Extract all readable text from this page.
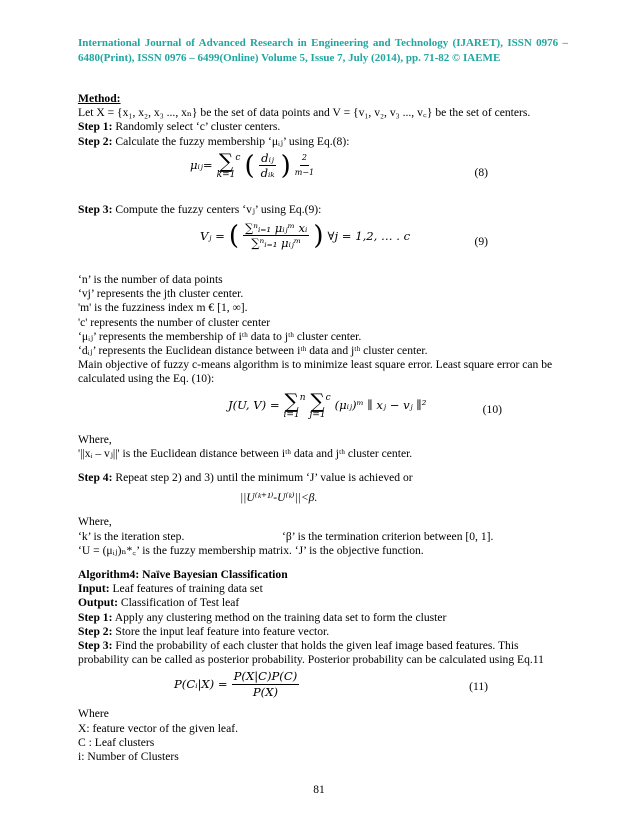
International Journal of Advanced Research in Engineering and Technology (IJARET), ISSN 0976 – 6480(Print), ISSN 0976 – 6499(Online) Volume 5, Issue 7, July (2014), pp. 71-82 © IAEME

Method:

Let X = {x₁, x₂, x₃ ..., xₙ} be the set of data points and V = {v₁, v₂, v₃ ..., v꜀} be the set of centers.

Step 1: Randomly select ‘c’ cluster centers.

Step 2: Calculate the fuzzy membership ‘μᵢⱼ’ using Eq.(8):

μᵢⱼ= ∑
k=1
c ( $\frac{\text{dᵢⱼ}}{\text{dᵢₖ}}$ ) $\frac{2}{m-1}$	(8)

Step 3: Compute the fuzzy centers ‘vⱼ’ using Eq.(9):

Vⱼ = ( $\frac{\text{∑ⁿᵢ₌₁ μᵢⱼᵐ xᵢ}}{\text{∑ⁿᵢ₌₁ μᵢⱼᵐ}}$ ) ∀j = 1,2, … . c	(9)

‘n’ is the number of data points

‘vj’ represents the jth cluster center.

'm' is the fuzziness index m € [1, ∞].

'c' represents the number of cluster center

‘μᵢⱼ’ represents the membership of iᵗʰ data to jᵗʰ cluster center.

‘dᵢⱼ’ represents the Euclidean distance between iᵗʰ data and jᵗʰ cluster center.

Main objective of fuzzy c-means algorithm is to minimize least square error. Least square error can be calculated using the Eq. (10):

J(U, V) = ∑
i=1
n ∑
j=1
c
(μᵢⱼ)ᵐ ∥ xⱼ − vⱼ ∥²	(10)

Where,

'||xᵢ – vⱼ||' is the Euclidean distance between iᵗʰ data and jᵗʰ cluster center.

Step 4: Repeat step 2) and 3) until the minimum ‘J’ value is achieved or

||U⁽ᵏ⁺¹⁾-U⁽ᵏ⁾||<β.

Where,

‘k’ is the iteration step.	‘β’ is the termination criterion between [0, 1].

‘U = (μᵢⱼ)ₙ*꜀’ is the fuzzy membership matrix. ‘J’ is the objective function.

Algorithm4: Naïve Bayesian Classification

Input: Leaf features of training data set

Output: Classification of Test leaf

Step 1: Apply any clustering method on the training data set to form the cluster

Step 2: Store the input leaf feature into feature vector.

Step 3: Find the probability of each cluster that holds the given leaf image based features. This probability can be called as posterior probability. Posterior probability can be calculated using Eq.11

P(Cᵢ|X) = $\frac{P(X|C)P(C)}{P(X)}$	(11)

Where

X: feature vector of the given leaf.

C : Leaf clusters

i: Number of Clusters

81
